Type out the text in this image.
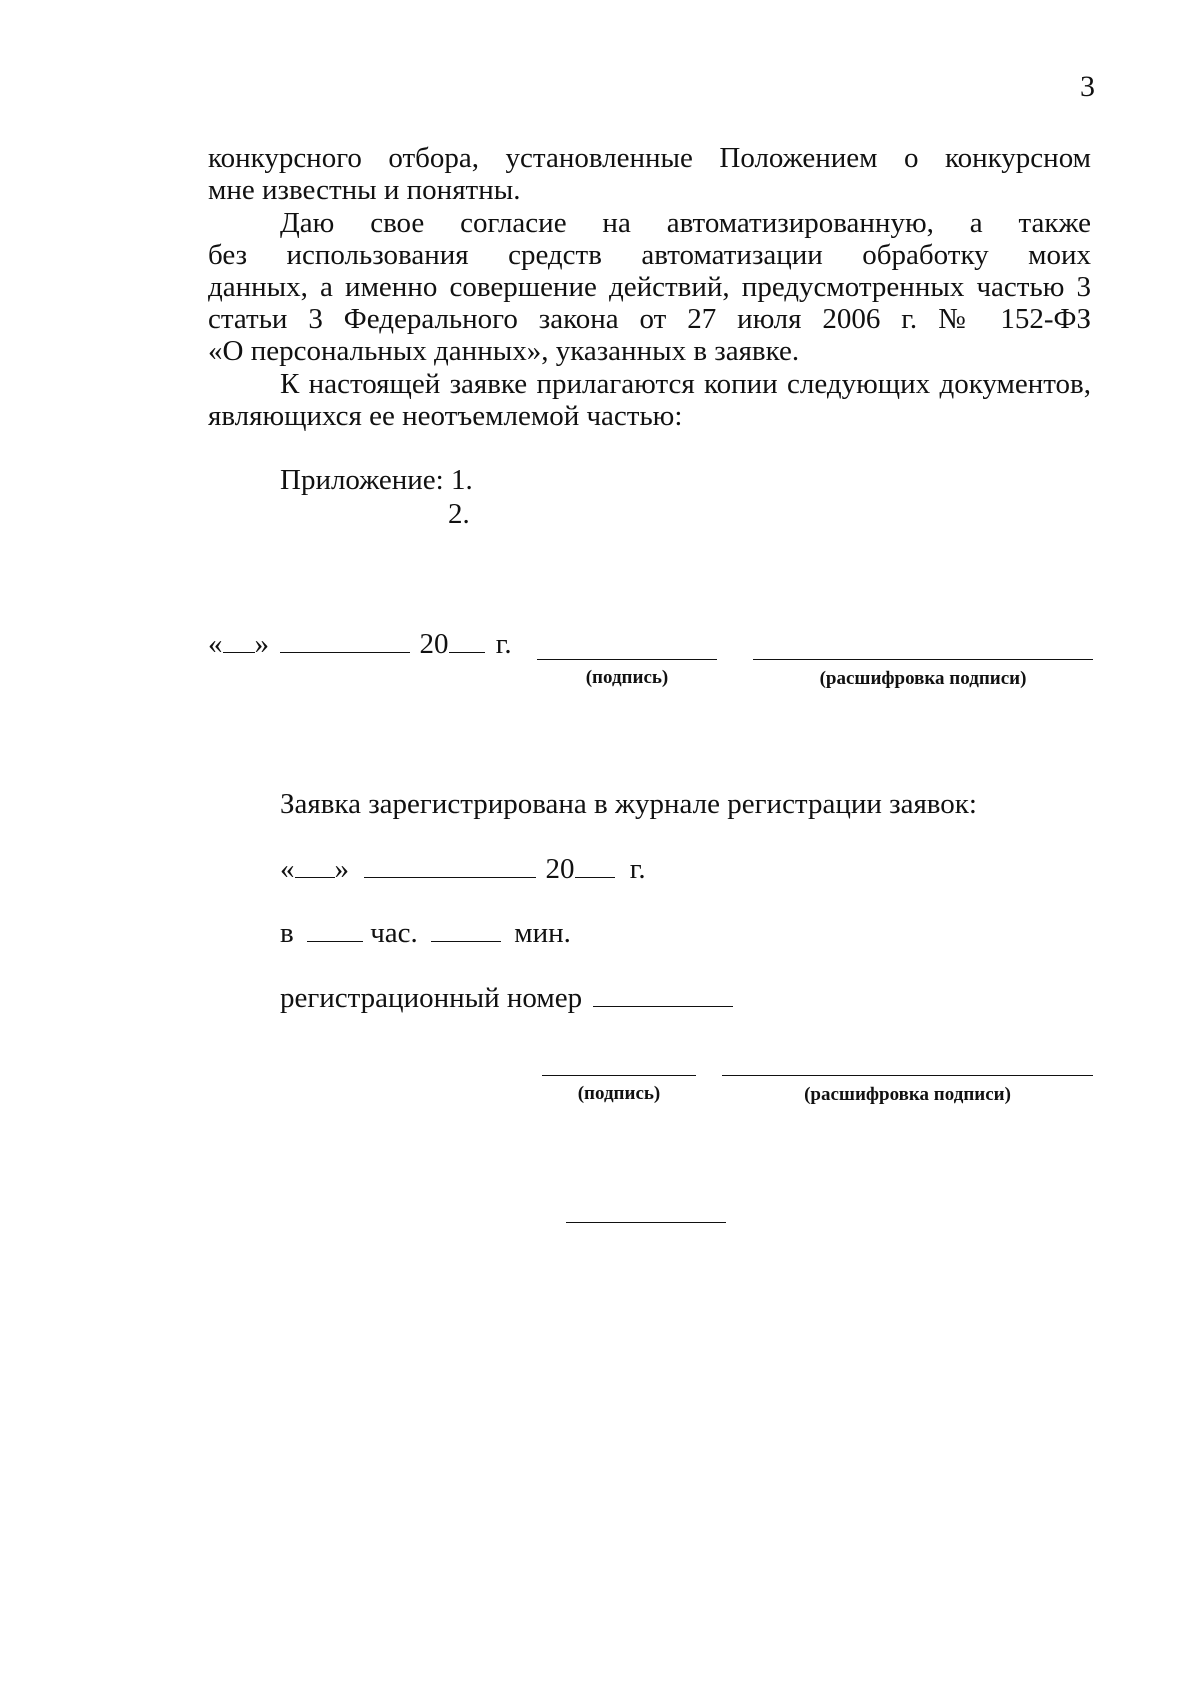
3
конкурсного отбора, установленные Положением о конкурсном
мне известны и понятны.
Даю свое согласие на автоматизированную, а также
без использования средств автоматизации обработку моих
данных, а именно совершение действий, предусмотренных частью 3
статьи 3 Федерального закона от 27 июля 2006 г. № 152-ФЗ
«О персональных данных», указанных в заявке.
К настоящей заявке прилагаются копии следующих документов,
являющихся ее неотъемлемой частью:
Приложение: 1.
2.
« »	20 г.
(подпись)	(расшифровка подписи)
Заявка зарегистрирована в журнале регистрации заявок:
« »	20 г.
в	час.	мин.
регистрационный номер
(подпись)	(расшифровка подписи)
